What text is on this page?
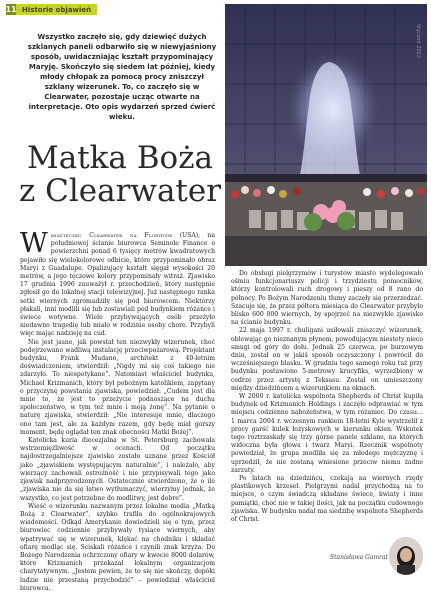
11 Historie objawień
Wszystko zaczęło się, gdy dziewięć dużych szklanych paneli odbarwiło się w niewyjaśniony sposób, uwidaczniając kształt przypominający Maryję. Skończyło się siedem lat później, kiedy młody chłopak za pomocą procy zniszczył szklany wizerunek. To, co zaczęło się w Clearwater, pozostaje ucząc otwarte na interpretacje. Oto opis wydarzeń sprzed ćwierć wieku.
Matka Boża
z Clearwater
Styczeń 2022

Wmiasteczku Clearwater na Florydzie (USA), na południowej ścianie biurowca Seminole Finance o powierzchni ponad 6 tysięcy metrów kwadratowych pojawiło się wielokolorowe odbicie, które przypominało obraz Maryi z Guadalupe. Opalizujący kształt sięgał wysokości 20 metrów, a jego tęczowe kolory przypominały witraż. Zjawisko 17 grudnia 1996 zauważył r. przechodzień, który następnie zgłosił go do lokalnej stacji telewizyjnej. Już następnego ranka setki wiernych zgromadziły się pod biurowcem. Niektórzy płakali, inni modlili się lub zostawiali pod budynkiem różańce i świece wotywne. Wiele przybywających osób przeżyło niedawno tragedię lub miało w rodzinie osoby chore. Przybyli więc mając nadzieję na cud.

Nie jest jasne, jak powstał ten niezwykły wizerunek, choć podejrzewano wadliwą instalację przeciwpożarową. Projektant budynku, Frank Mudano, architekt z 40-letnim doświadczeniem, stwierdził: „Nigdy mi się coś takiego nie zdarzyło. To niespotykane”. Natomiast właściciel budynku, Michael Krizmanich, który był pobożnym katolikiem, zapytany o przyczynę powstania zjawiska, powiedział: „Cudem jest dla mnie to, że jest to przeżycie podnoszące na duchu społeczeństwo, w tym też mnie i moją żonę”. Na pytanie o naturę zjawiska, stwierdził: „Nie interesuje mnie, dlaczego ono tam jest, ale za każdym razem, gdy będę miał gorszy moment, będę oglądał ten znak obecności Matki Bożej”.

Katolicka kuria diecezjalna w St. Petersburg zachowała wstrzemięźliwość w ocenach. Od początku najdostrzegalniejsze zjawisko zostało uznane przez Kościół jako „zjawiskiem występującym naturalnie”, i należało, aby wierzący zachowali ostrożność i nie przypisywali tego jako zjawisk nadprzyrodzonych. Ostatecznie stwierdzono, że o ile „zjawiska nie da się łatwo wytłumaczyć, wierzymy jednak, że wszystko, co jest potrzebne do modlitwy, jest dobre”.

Wieść o wizerunku nazwanym przez lokalne media „Matką Bożą z Clearwater”, szybko trafiła do ogólnokrajowych wiadomości. Odkąd Amerykanie dowiedzieli się o tym, przez biurowiec codziennie przybywały tysiące wiernych, aby wpatrywać się w wizerunek, klękać na chodniku i składać ofiarę modląc się. Sciskali różańce i czynili znak krzyża. Do Bożego Narodzenia ochrzczony ofiary w kwocie 8000 dolarów, które Krizmanich przekazał lokalnym organizacjom charytatywnym. „Jestem pewien, że to się nie skończy, dopóki ludzie nie przestaną przychodzić” – powiedział właściciel biurowca.

Do obsługi pielgrzymów i turystów miasto wydelegowało ośmiu funkcjonariuszy policji i trzydziestu pomocników, którzy kontrolowali ruch drogowy i pieszy od 8 rano do północy. Po Bożym Narodzeniu tłumy zaczęły się przerzedzać. Szacuje się, że przez półtora miesiąca do Clearwater przybyło blisko 600 000 wiernych, by spojrzeć na niezwykłe zjawisko na ścianie budynku.

22 maja 1997 r. chuligani usiłowali zniszczyć wizerunek, oblewając go nieznanym płynem, powodującym niestety nieco smugi od góry do dołu. Jednak 25 czerwca, po burzowym dniu, został on w jakiś sposób oczyszczony i powrócił do wcześniejszego blasku. W grudniu tego samego roku tuż przy budynku postawiono 5-metrowy krucyfiks, wyrzeźbiony w cedrze przez artystę z Teksasu. Został on umieszczony między dziedzińcem a wizerunkiem na oknach.

W 2000 r. katolicka wspólnota Shepherds of Christ kupiła budynek od Krizmanich Holdings i zaczęło odprawiać w tym miejscu codzienne nabożeństwa, w tym różaniec. Do czasu… 1 marca 2004 r. wczesnym rankiem 18-letni Kyle wystrzelił z procy garść kulek łożyskowych w kierunku okien. Wskutek tego roztrzaskały się trzy górne panele szklane, na których widoczna była głowa i twarz Maryi. Rzecznik wspólnoty powiedział, że grupa modliła się za młodego mężczyznę i uprzedził, że nie zostaną wniesione przeciw niemu żadne zarzuty.

Po latach na dziedzińcu, czekają na wiernych rzędy plastikowych krzeseł. Pielgrzymi nadal przychodzą na to miejsce, o czym świadczą składane świece, kwiaty i inne pamiątki, choć nie w takiej ilości, jak na początku cudownego zjawiska. W budynku nadal ma siedzibę wspólnota Shepherds of Christ.

Stanisława Gamrat
